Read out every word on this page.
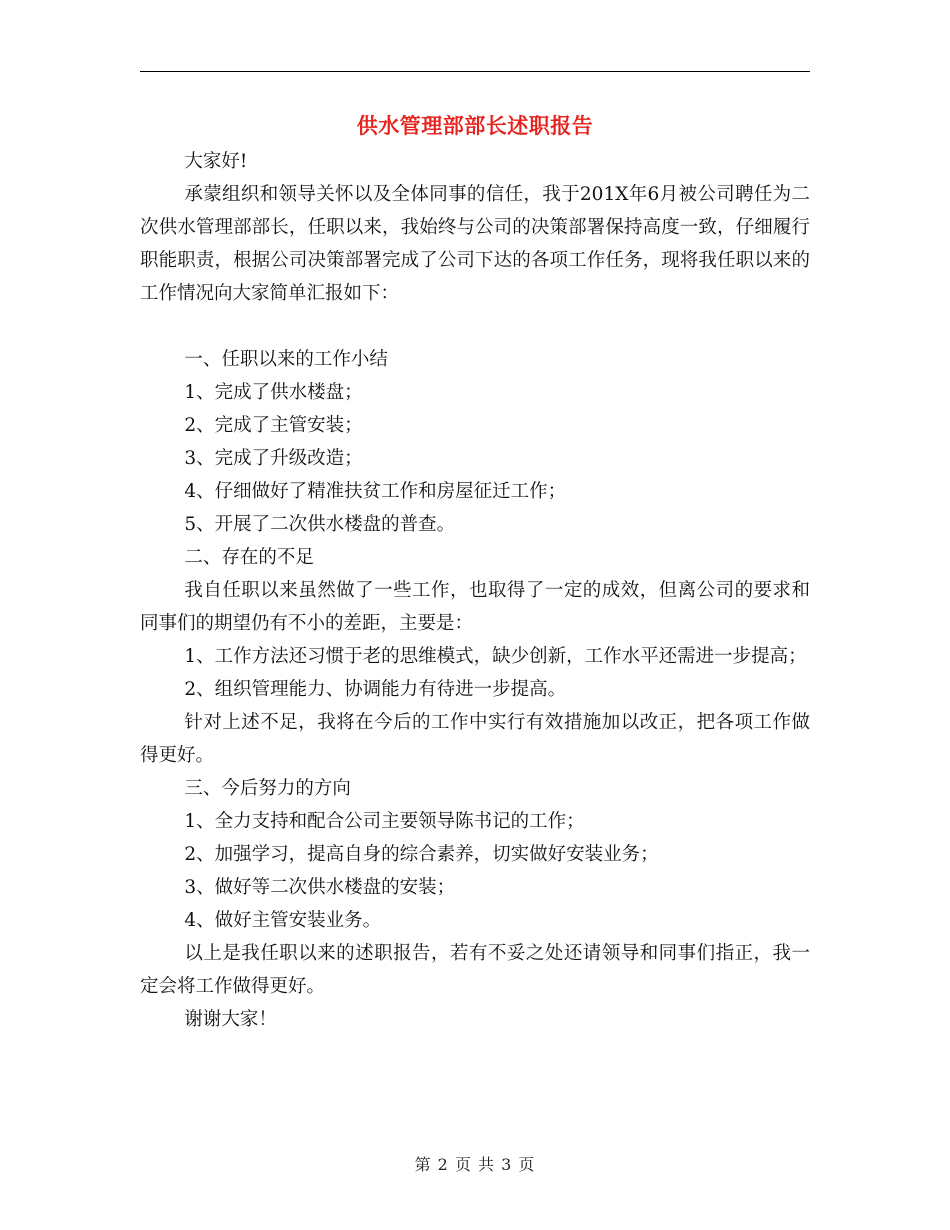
供水管理部部长述职报告

大家好!

承蒙组织和领导关怀以及全体同事的信任，我于201X年6月被公司聘任为二次供水管理部部长，任职以来，我始终与公司的决策部署保持高度一致，仔细履行职能职责，根据公司决策部署完成了公司下达的各项工作任务，现将我任职以来的工作情况向大家简单汇报如下：

一、任职以来的工作小结

1、完成了供水楼盘；

2、完成了主管安装；

3、完成了升级改造；

4、仔细做好了精准扶贫工作和房屋征迁工作；

5、开展了二次供水楼盘的普查。

二、存在的不足

我自任职以来虽然做了一些工作，也取得了一定的成效，但离公司的要求和同事们的期望仍有不小的差距，主要是：

1、工作方法还习惯于老的思维模式，缺少创新，工作水平还需进一步提高；

2、组织管理能力、协调能力有待进一步提高。

针对上述不足，我将在今后的工作中实行有效措施加以改正，把各项工作做得更好。

三、今后努力的方向

1、全力支持和配合公司主要领导陈书记的工作；

2、加强学习，提高自身的综合素养，切实做好安装业务；

3、做好等二次供水楼盘的安装；

4、做好主管安装业务。

以上是我任职以来的述职报告，若有不妥之处还请领导和同事们指正，我一定会将工作做得更好。

谢谢大家！

第 2 页 共 3 页
